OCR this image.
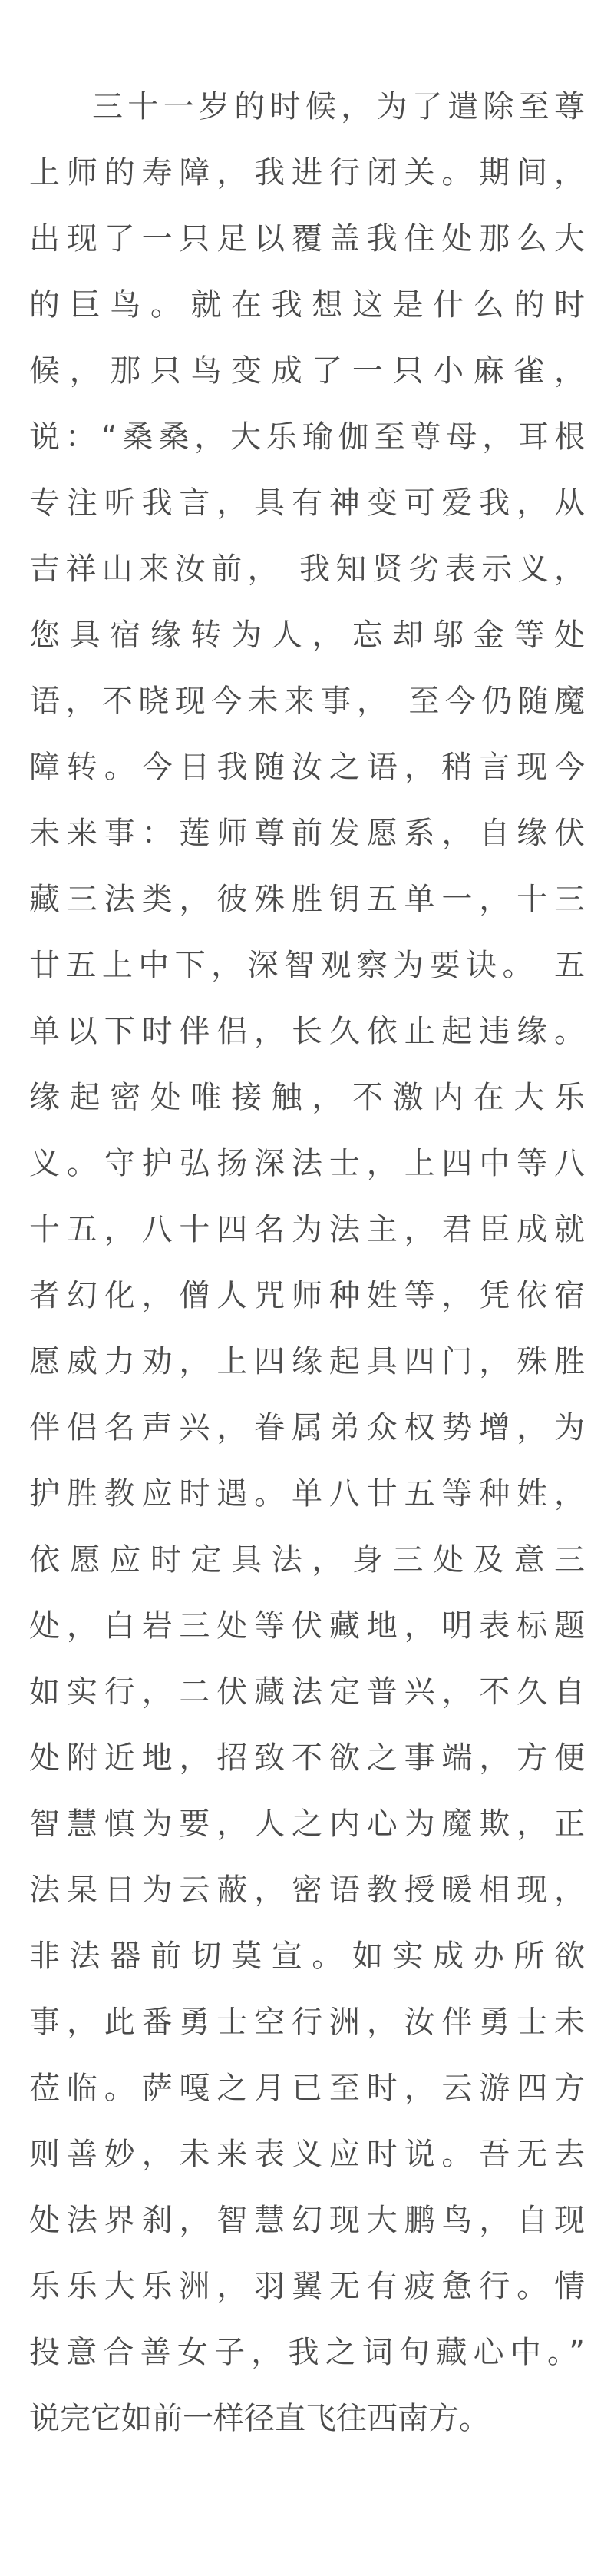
三十一岁的时候，为了遣除至尊
上师的寿障，我进行闭关。期间，
出现了一只足以覆盖我住处那么大
的巨鸟。就在我想这是什么的时
候，那只鸟变成了一只小麻雀，
说：“桑桑，大乐瑜伽至尊母，耳根
专注听我言，具有神变可爱我，从
吉祥山来汝前， 我知贤劣表示义，
您具宿缘转为人，忘却邬金等处
语，不晓现今未来事， 至今仍随魔
障转。今日我随汝之语，稍言现今
未来事：莲师尊前发愿系，自缘伏
藏三法类，彼殊胜钥五单一，十三
廿五上中下，深智观察为要诀。 五
单以下时伴侣，长久依止起违缘。
缘起密处唯接触，不激内在大乐
义。守护弘扬深法士，上四中等八
十五，八十四名为法主，君臣成就
者幻化，僧人咒师种姓等，凭依宿
愿威力劝，上四缘起具四门，殊胜
伴侣名声兴，眷属弟众权势增，为
护胜教应时遇。单八廿五等种姓，
依愿应时定具法，身三处及意三
处，白岩三处等伏藏地，明表标题
如实行，二伏藏法定普兴，不久自
处附近地，招致不欲之事端，方便
智慧慎为要，人之内心为魔欺，正
法杲日为云蔽，密语教授暖相现，
非法器前切莫宣。如实成办所欲
事，此番勇士空行洲，汝伴勇士未
莅临。萨嘎之月已至时，云游四方
则善妙，未来表义应时说。吾无去
处法界刹，智慧幻现大鹏鸟，自现
乐乐大乐洲，羽翼无有疲惫行。情
投意合善女子，我之词句藏心中。”
说完它如前一样径直飞往西南方。
